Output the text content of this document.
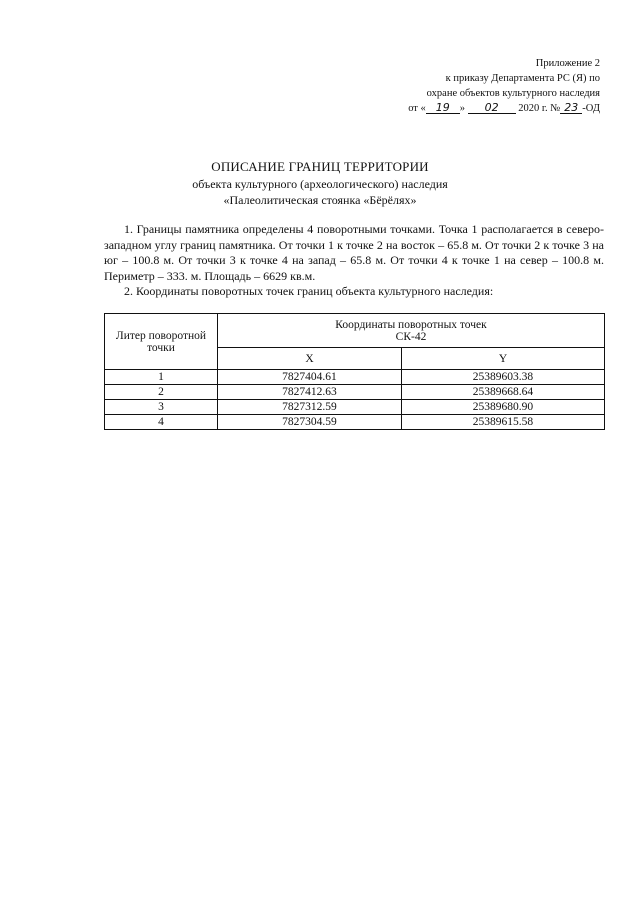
Приложение 2
к приказу Департамента РС (Я) по
охране объектов культурного наследия
от « 19 » 02 2020 г. № 23 -ОД
ОПИСАНИЕ ГРАНИЦ ТЕРРИТОРИИ
объекта культурного (археологического) наследия
«Палеолитическая стоянка «Бёрёлях»

1. Границы памятника определены 4 поворотными точками. Точка 1 располагается в северо-западном углу границ памятника. От точки 1 к точке 2 на восток – 65.8 м. От точки 2 к точке 3 на юг – 100.8 м. От точки 3 к точке 4 на запад – 65.8 м. От точки 4 к точке 1 на север – 100.8 м. Периметр – 333. м. Площадь – 6629 кв.м.

2. Координаты поворотных точек границ объекта культурного наследия:

Литер поворотной точки	Координаты поворотных точек
СК-42	

	X	Y
1	7827404.61	25389603.38
2	7827412.63	25389668.64
3	7827312.59	25389680.90
4	7827304.59	25389615.58
